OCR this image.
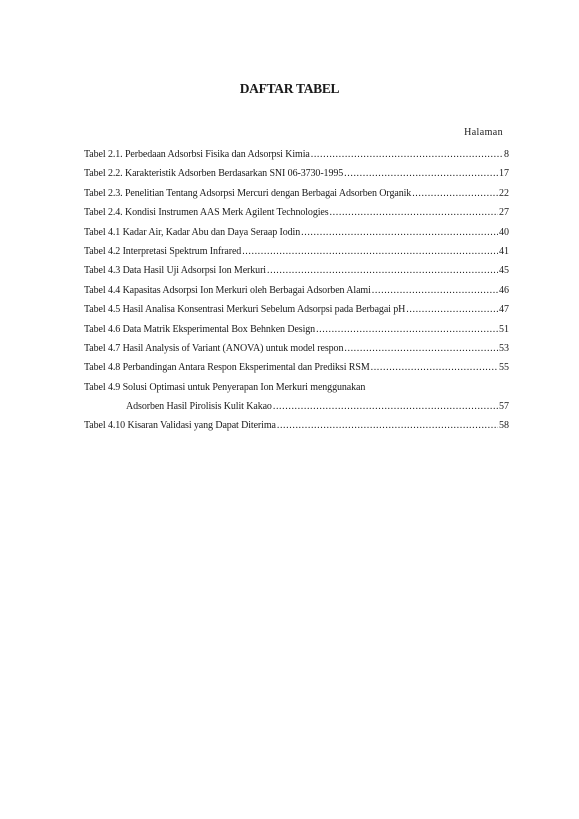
DAFTAR TABEL
Halaman
Tabel 2.1. Perbedaan Adsorbsi Fisika dan Adsorpsi Kimia .....	8
Tabel 2.2. Karakteristik Adsorben Berdasarkan SNI 06-3730-1995 .....	17
Tabel 2.3. Penelitian Tentang Adsorpsi Mercuri dengan Berbagai Adsorben Organik .....	22
Tabel 2.4. Kondisi Instrumen AAS Merk Agilent Technologies .....	27
Tabel 4.1 Kadar Air, Kadar Abu dan Daya Seraap Iodin .....	40
Tabel 4.2 Interpretasi Spektrum Infrared .....	41
Tabel 4.3 Data Hasil Uji Adsorpsi Ion Merkuri .....	45
Tabel 4.4 Kapasitas Adsorpsi Ion Merkuri oleh Berbagai Adsorben Alami .....	46
Tabel 4.5 Hasil Analisa Konsentrasi Merkuri Sebelum Adsorpsi pada Berbagai pH .....	47
Tabel 4.6 Data Matrik Eksperimental Box Behnken Design .....	51
Tabel 4.7 Hasil Analysis of Variant (ANOVA) untuk model respon .....	53
Tabel 4.8 Perbandingan Antara Respon Eksperimental dan Prediksi RSM .....	55
Tabel 4.9 Solusi Optimasi untuk Penyerapan Ion Merkuri menggunakan
Adsorben Hasil Pirolisis Kulit Kakao .....	57
Tabel 4.10 Kisaran Validasi yang Dapat Diterima .....	58
